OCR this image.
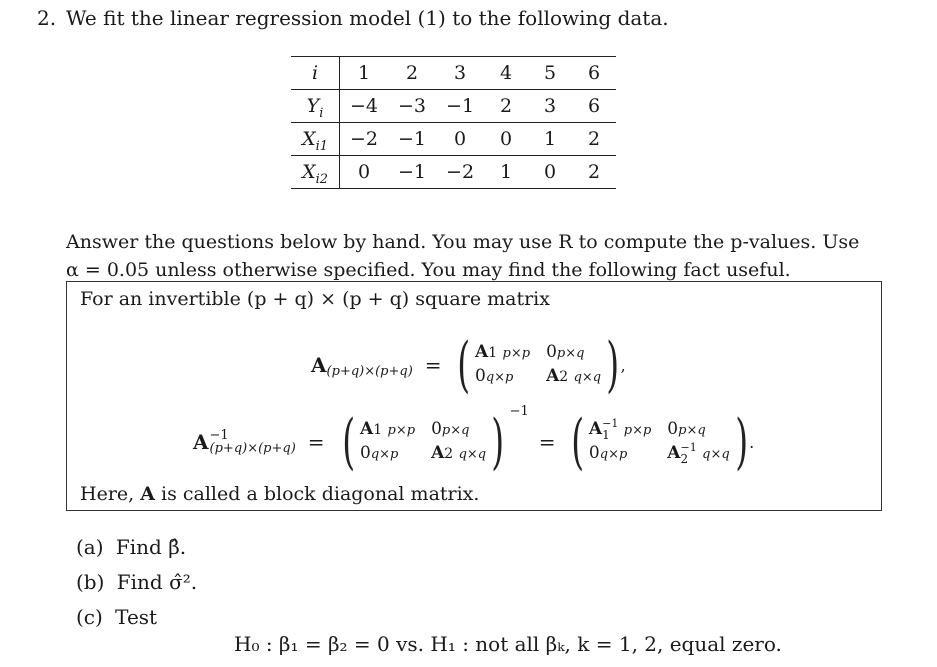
2. We fit the linear regression model (1) to the following data.
i	1	2	3	4	5	6
$Y_i$	−4	−3	−1	2	3	6
$X_{i1}$	−2	−1	0	0	1	2
$X_{i2}$	0	−1	−2	1	0	2
Answer the questions below by hand. You may use R to compute the p-values. Use
α = 0.05 unless otherwise specified. You may find the following fact useful.
For an invertible (p + q) × (p + q) square matrix
$A_{(p+q)\times(p+q)}$ = ( A1 p×p 0p×q
0q×p	A2 q×q ) ,
A −1
(p+q)×(p+q) = ( A1 p×p 0p×q
0q×p	A2 q×q ) −1
= ( A −1
1	p×p 0p×q
0q×p	A −1
2	q×q ) .
Here, A is called a block diagonal matrix.
(a) Find β̂.
(b) Find σ̂².
(c) Test
H₀ : β₁ = β₂ = 0 vs. H₁ : not all βₖ, k = 1, 2, equal zero.
